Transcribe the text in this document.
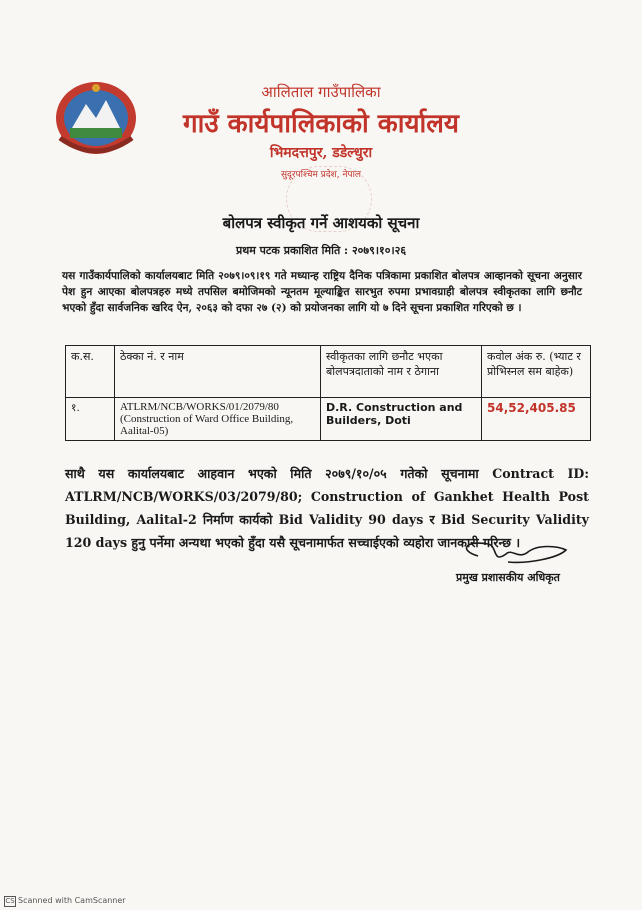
आलिताल गाउँपालिका
गाउँ कार्यपालिकाको कार्यालय
भिमदत्तपुर, डडेल्धुरा
सुदूरपश्चिम प्रदेश, नेपाल
बोलपत्र स्वीकृत गर्ने आशयको सूचना
प्रथम पटक प्रकाशित मिति : २०७९।१०।२६
यस गाउँकार्यपालिको कार्यालयबाट मिति २०७९।०९।१९ गते मध्यान्ह राष्ट्रिय दैनिक पत्रिकामा प्रकाशित बोलपत्र आव्हानको सूचना अनुसार पेश हुन आएका बोलपत्रहरु मध्ये तपसिल बमोजिमको न्यूनतम मूल्याङ्कित सारभुत रुपमा प्रभावग्राही बोलपत्र स्वीकृतका लागि छनौट भएको हुँदा सार्वजनिक खरिद ऐन, २०६३ को दफा २७ (२) को प्रयोजनका लागि यो ७ दिने सूचना प्रकाशित गरिएको छ ।
क.स.	ठेक्का नं. र नाम	स्वीकृतका लागि छनौट भएका बोलपत्रदाताको नाम र ठेगाना	कवोल अंक रु. (भ्याट र प्रोभिस्नल सम बाहेक)
१.	ATLRM/NCB/WORKS/01/2079/80 (Construction of Ward Office Building, Aalital-05)	D.R. Construction and Builders, Doti	54,52,405.85
साथै यस कार्यालयबाट आहवान भएको मिति २०७९/१०/०५ गतेको सूचनामा Contract ID: ATLRM/NCB/WORKS/03/2079/80; Construction of Gankhet Health Post Building, Aalital-2 निर्माण कार्यको Bid Validity 90 days र Bid Security Validity 120 days हुनु पर्नेमा अन्यथा भएको हुँदा यसै सूचनामार्फत सच्चाईएको व्यहोरा जानकारी गरिन्छ ।
प्रमुख प्रशासकीय अधिकृत
CS Scanned with CamScanner
